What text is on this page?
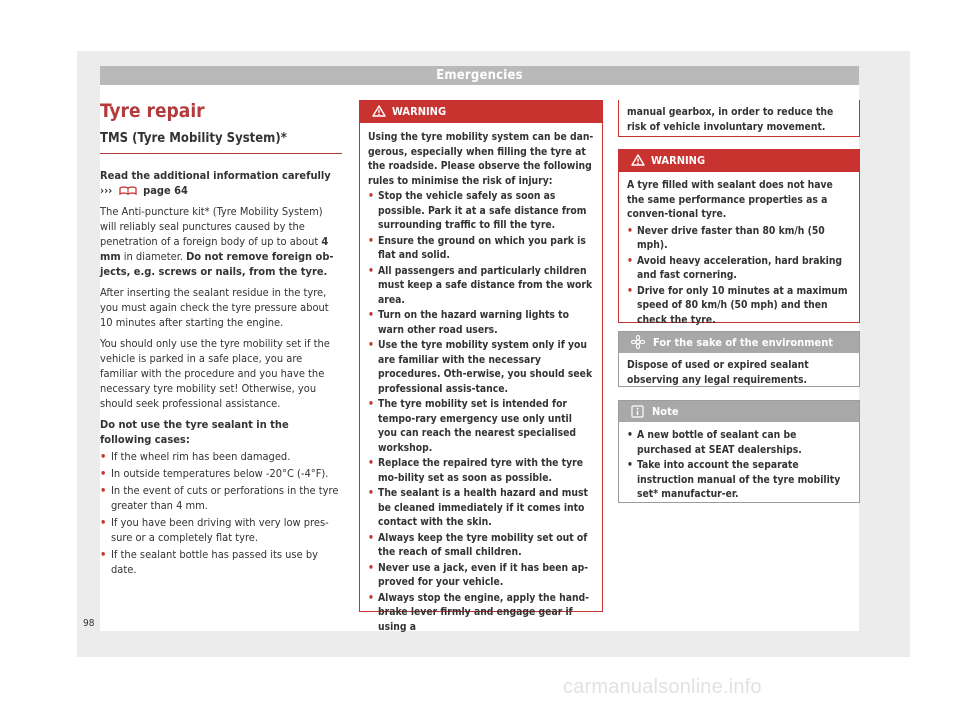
Emergencies
Tyre repair
TMS (Tyre Mobility System)*

Read the additional information carefully
›››	page 64

The Anti-puncture kit* (Tyre Mobility System) will reliably seal punctures caused by the penetration of a foreign body of up to about 4 mm in diameter. Do not remove foreign ob-jects, e.g. screws or nails, from the tyre.

After inserting the sealant residue in the tyre, you must again check the tyre pressure about 10 minutes after starting the engine.

You should only use the tyre mobility set if the vehicle is parked in a safe place, you are familiar with the procedure and you have the necessary tyre mobility set! Otherwise, you should seek professional assistance.

Do not use the tyre sealant in the following cases:

• If the wheel rim has been damaged.
• In outside temperatures below -20°C (-4°F).
• In the event of cuts or perforations in the tyre greater than 4 mm.
• If you have been driving with very low pres-sure or a completely flat tyre.
• If the sealant bottle has passed its use by date.
WARNING
Using the tyre mobility system can be dan-gerous, especially when filling the tyre at the roadside. Please observe the following rules to minimise the risk of injury:
• Stop the vehicle safely as soon as possible. Park it at a safe distance from surrounding traffic to fill the tyre.
• Ensure the ground on which you park is flat and solid.
• All passengers and particularly children must keep a safe distance from the work area.
• Turn on the hazard warning lights to warn other road users.
• Use the tyre mobility system only if you are familiar with the necessary procedures. Oth-erwise, you should seek professional assis-tance.
• The tyre mobility set is intended for tempo-rary emergency use only until you can reach the nearest specialised workshop.
• Replace the repaired tyre with the tyre mo-bility set as soon as possible.
• The sealant is a health hazard and must be cleaned immediately if it comes into contact with the skin.
• Always keep the tyre mobility set out of the reach of small children.
• Never use a jack, even if it has been ap-proved for your vehicle.
• Always stop the engine, apply the hand-brake lever firmly and engage gear if using a
manual gearbox, in order to reduce the risk of vehicle involuntary movement.
WARNING
A tyre filled with sealant does not have the same performance properties as a conven-tional tyre.
• Never drive faster than 80 km/h (50 mph).
• Avoid heavy acceleration, hard braking and fast cornering.
• Drive for only 10 minutes at a maximum speed of 80 km/h (50 mph) and then check the tyre.
For the sake of the environment
Dispose of used or expired sealant observing any legal requirements.
Note
• A new bottle of sealant can be purchased at SEAT dealerships.
• Take into account the separate instruction manual of the tyre mobility set* manufactur-er.
98
carmanualsonline.info
